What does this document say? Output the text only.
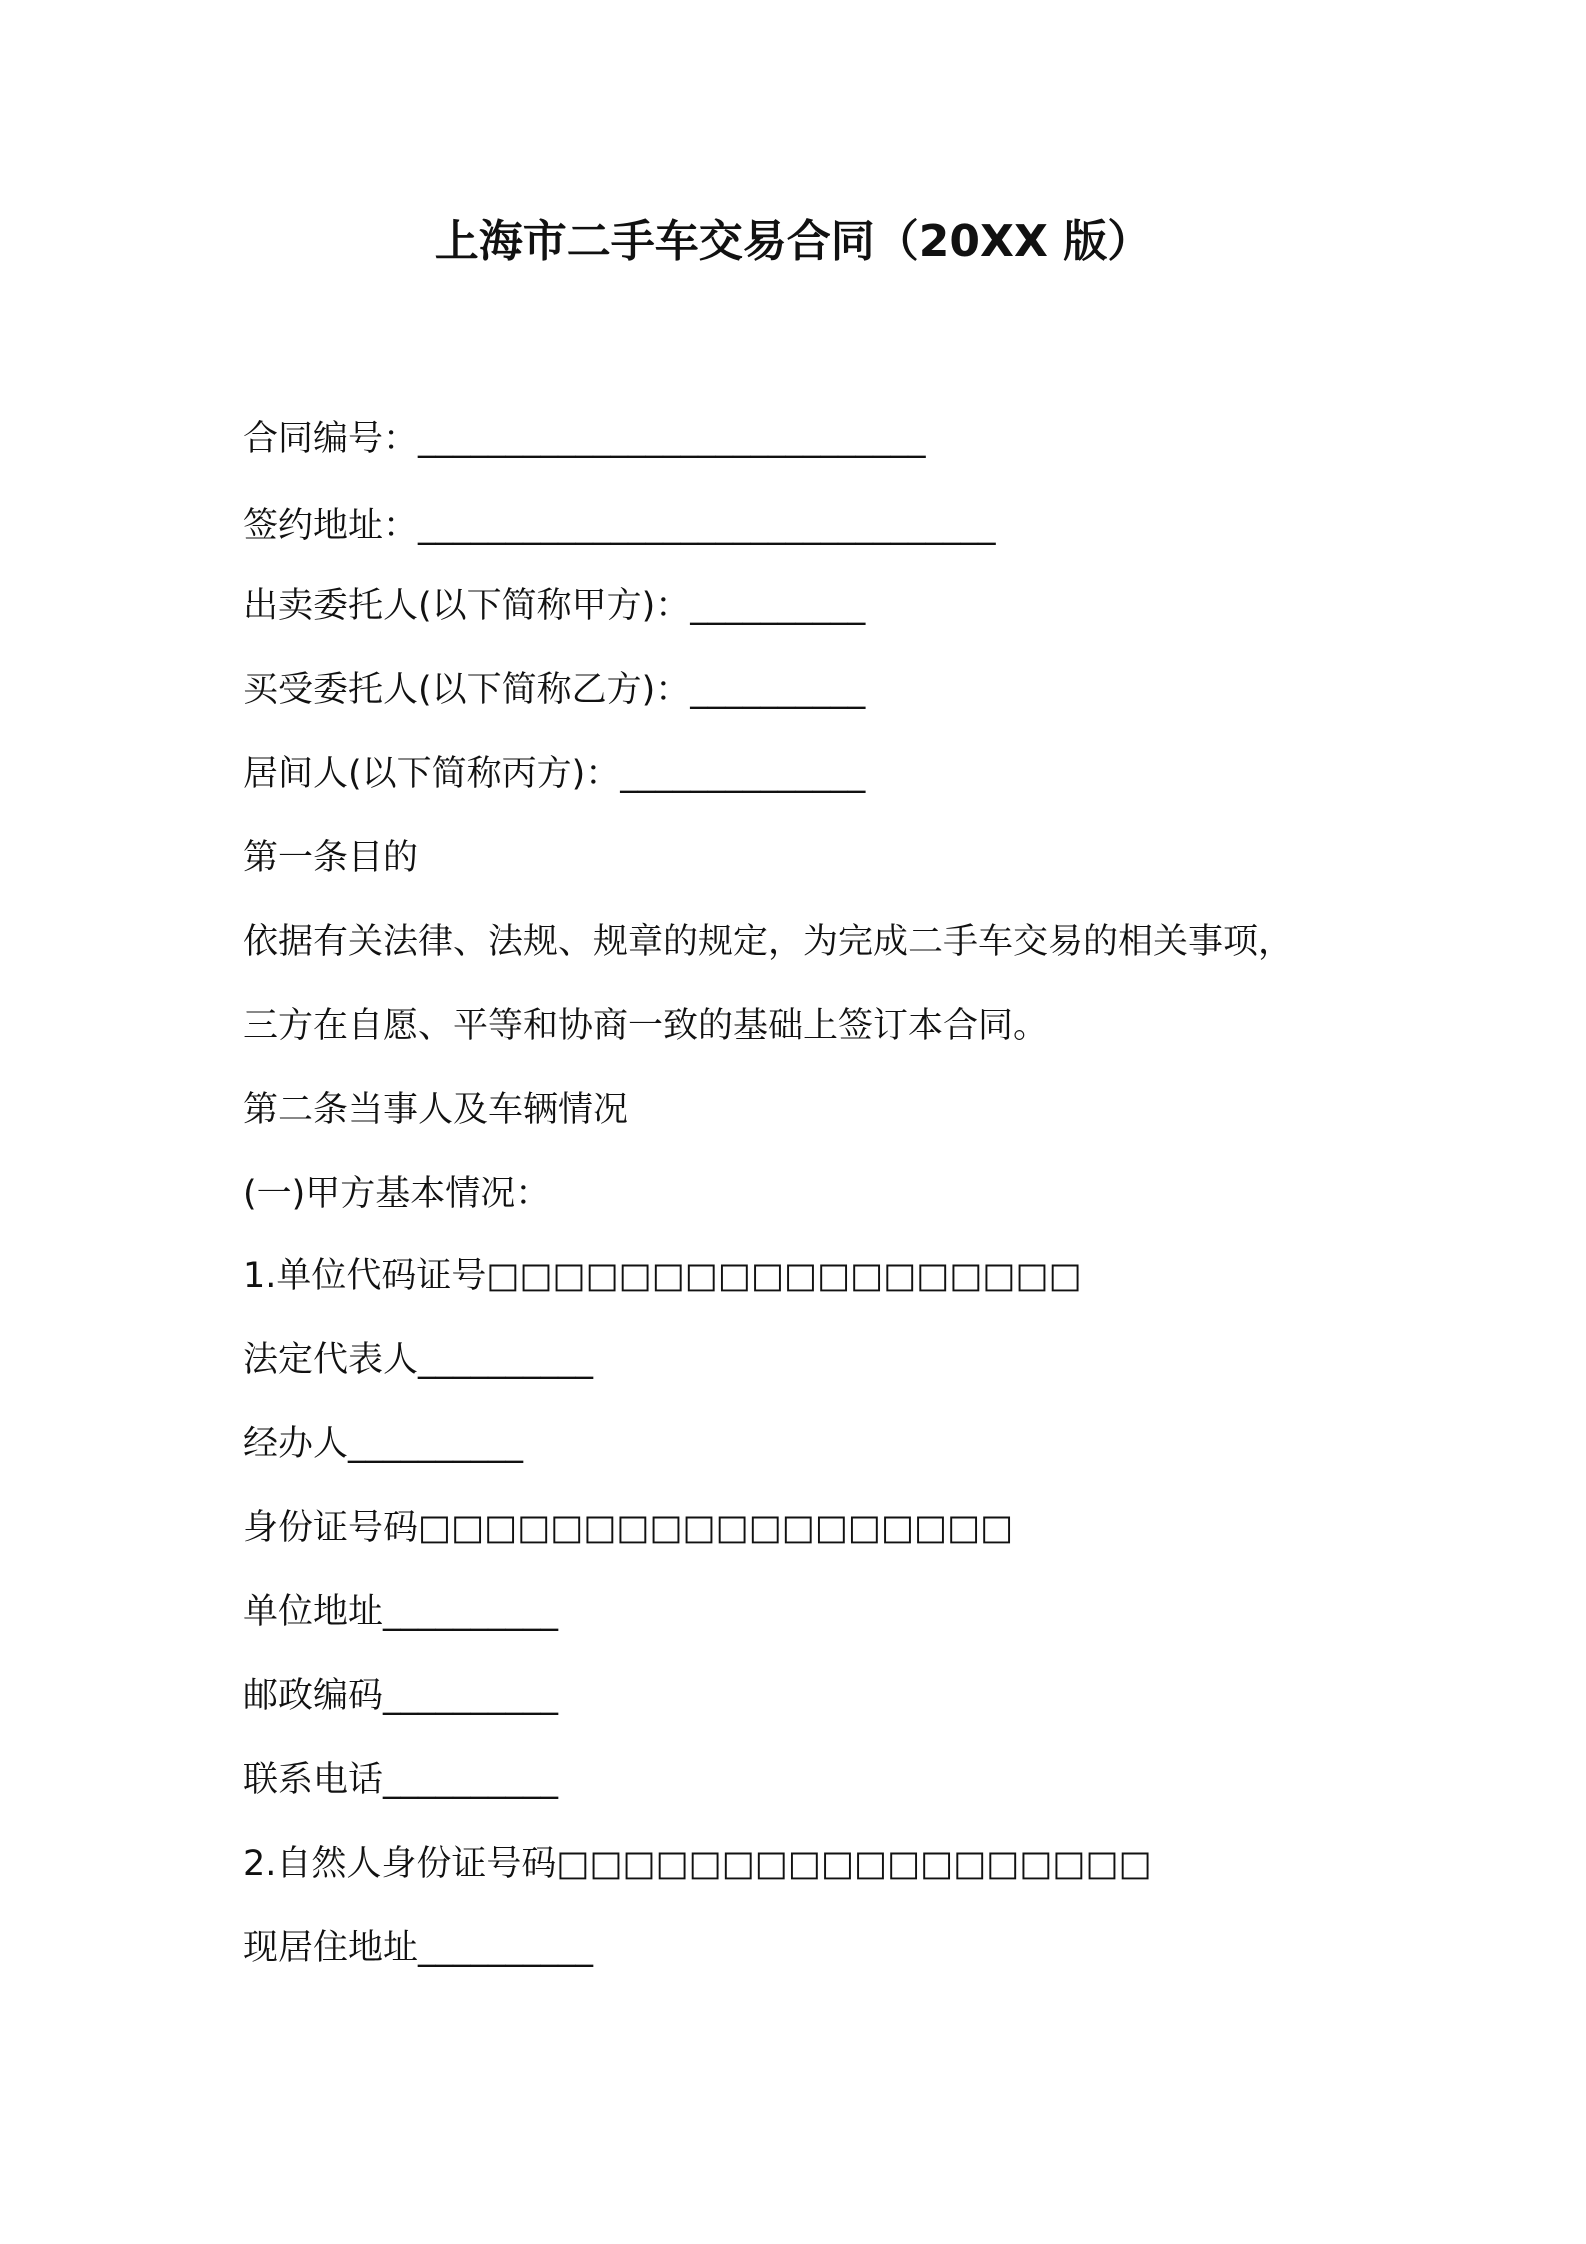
上海市二手车交易合同（20XX 版）
合同编号：_____________________________
签约地址：_________________________________
出卖委托人(以下简称甲方)：__________
买受委托人(以下简称乙方)：__________
居间人(以下简称丙方)：______________
第一条目的
依据有关法律、法规、规章的规定，为完成二手车交易的相关事项，
三方在自愿、平等和协商一致的基础上签订本合同。
第二条当事人及车辆情况
(一)甲方基本情况：
1.单位代码证号□□□□□□□□□□□□□□□□□□
法定代表人__________
经办人__________
身份证号码□□□□□□□□□□□□□□□□□□
单位地址__________
邮政编码__________
联系电话__________
2.自然人身份证号码□□□□□□□□□□□□□□□□□□
现居住地址__________
